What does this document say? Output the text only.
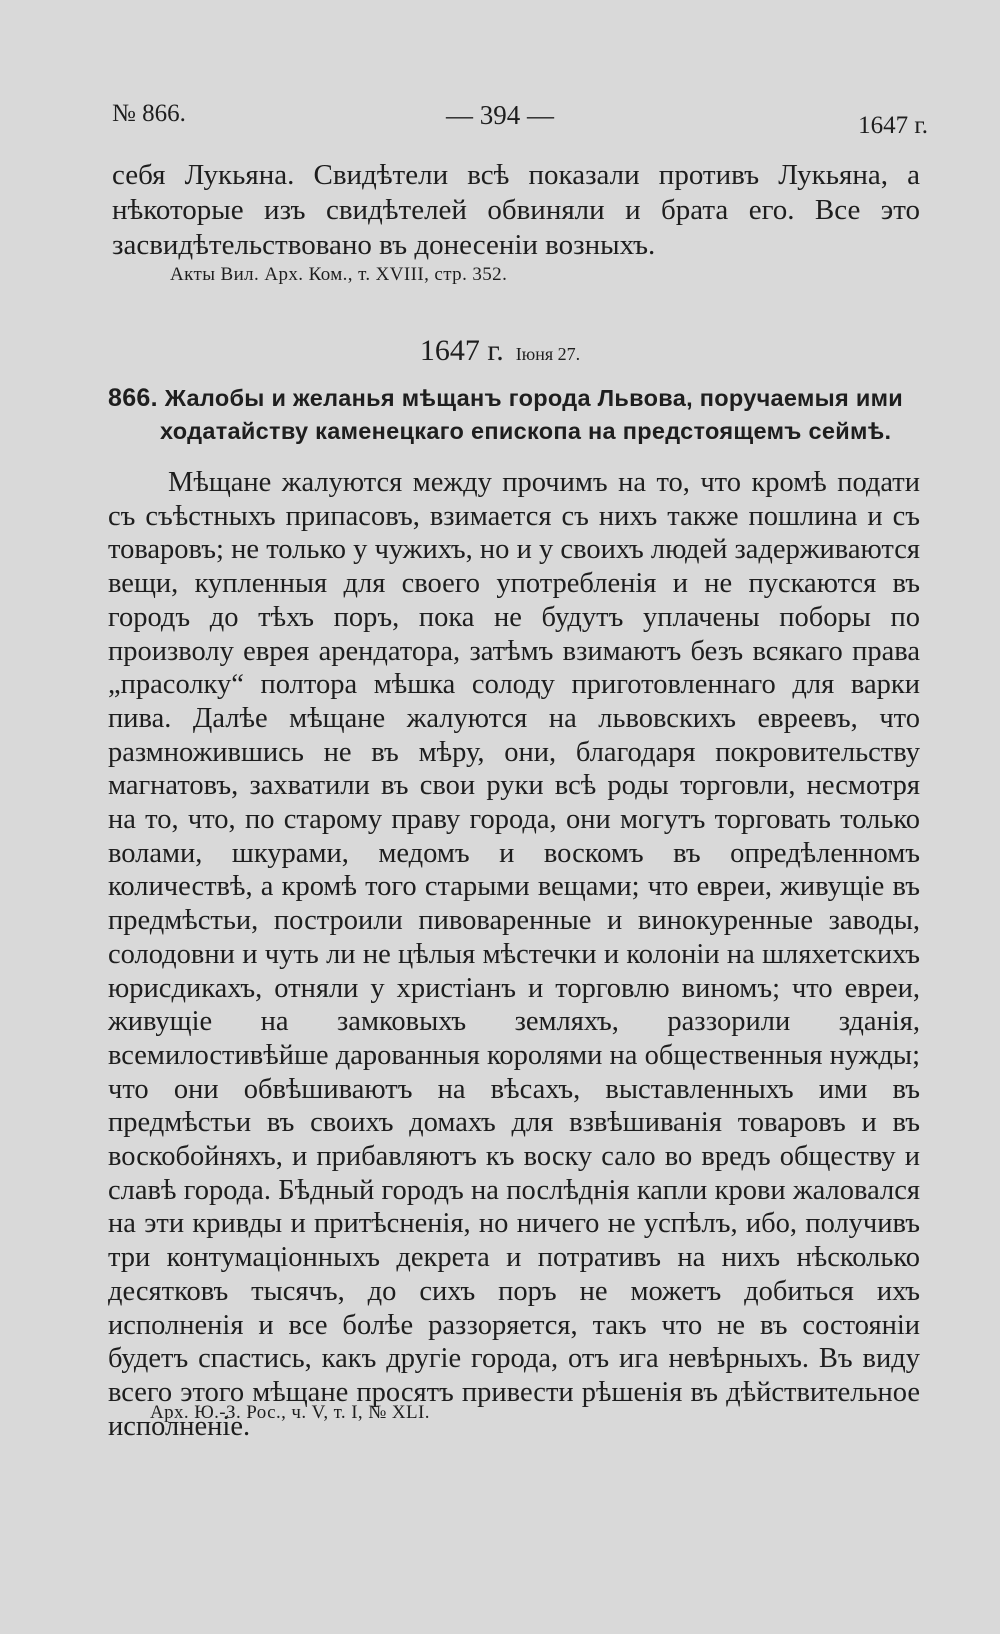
№ 866.	— 394 —	1647 г.

себя Лукьяна. Свидѣтели всѣ показали противъ Лукьяна, а нѣкоторые изъ свидѣтелей обвиняли и брата его. Все это засвидѣтельствовано въ донесенiи возныхъ.

Акты Вил. Арх. Ком., т. XVIII, стр. 352.
1647 г. Iюня 27.
866. Жалобы и желанья мѣщанъ города Львова, поручаемыя ими
ходатайству каменецкаго епископа на предстоящемъ сеймѣ.

Мѣщане жалуются между прочимъ на то, что кромѣ подати съ съѣстныхъ припасовъ, взимается съ нихъ также пошлина и съ товаровъ; не только у чужихъ, но и у своихъ людей задерживаются вещи, купленныя для своего употребленiя и не пускаются въ городъ до тѣхъ поръ, пока не будутъ уплачены поборы по произволу еврея арендатора, затѣмъ взимаютъ безъ всякаго права „прасолку“ полтора мѣшка солоду приготовленнаго для варки пива. Далѣе мѣщане жалуются на львовскихъ евреевъ, что размножившись не въ мѣру, они, благодаря покровительству магнатовъ, захватили въ свои руки всѣ роды торговли, несмотря на то, что, по старому праву города, они могутъ торговать только волами, шкурами, медомъ и воскомъ въ опредѣленномъ количествѣ, а кромѣ того старыми вещами; что евреи, живущiе въ предмѣстьи, построили пивоваренные и винокуренные заводы, солодовни и чуть ли не цѣлыя мѣстечки и колонiи на шляхетскихъ юрисдикахъ, отняли у христiанъ и торговлю виномъ; что евреи, живущiе на замковыхъ земляхъ, раззорили зданiя, всемилостивѣйше дарованныя королями на общественныя нужды; что они обвѣшиваютъ на вѣсахъ, выставленныхъ ими въ предмѣстьи въ своихъ домахъ для взвѣшиванiя товаровъ и въ воскобойняхъ, и прибавляютъ къ воску сало во вредъ обществу и славѣ города. Бѣдный городъ на послѣднiя капли крови жаловался на эти кривды и притѣсненiя, но ничего не успѣлъ, ибо, получивъ три контумацiонныхъ декрета и потративъ на нихъ нѣсколько десятковъ тысячъ, до сихъ поръ не можетъ добиться ихъ исполненiя и все болѣе раззоряется, такъ что не въ состоянiи будетъ спастись, какъ другiе города, отъ ига невѣрныхъ. Въ виду всего этого мѣщане просятъ привести рѣшенiя въ дѣйствительное исполненiе.

Арх. Ю.-З. Рос., ч. V, т. I, № XLI.
